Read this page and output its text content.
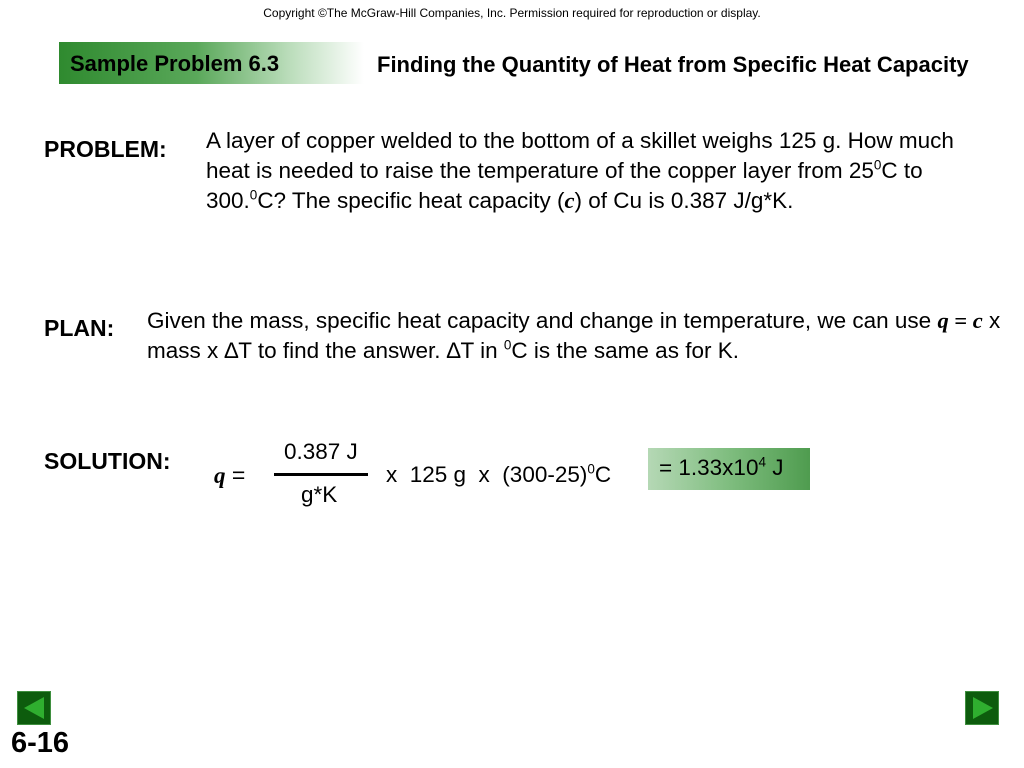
Copyright ©The McGraw-Hill Companies, Inc. Permission required for reproduction or display.
Sample Problem 6.3	Finding the Quantity of Heat from Specific Heat Capacity
PROBLEM: A layer of copper welded to the bottom of a skillet weighs 125 g. How much heat is needed to raise the temperature of the copper layer from $25^0C$ to 300.$^0$C? The specific heat capacity (c) of Cu is 0.387 J/g*K.
PLAN: Given the mass, specific heat capacity and change in temperature, we can use q = c x mass x ∆T to find the answer. ∆T in $^0$C is the same as for K.
SOLUTION:
q =
0.387 J
g*K
x  125 g  x  $(300-25)^0C = 1.33x10^4$ J
6-16
